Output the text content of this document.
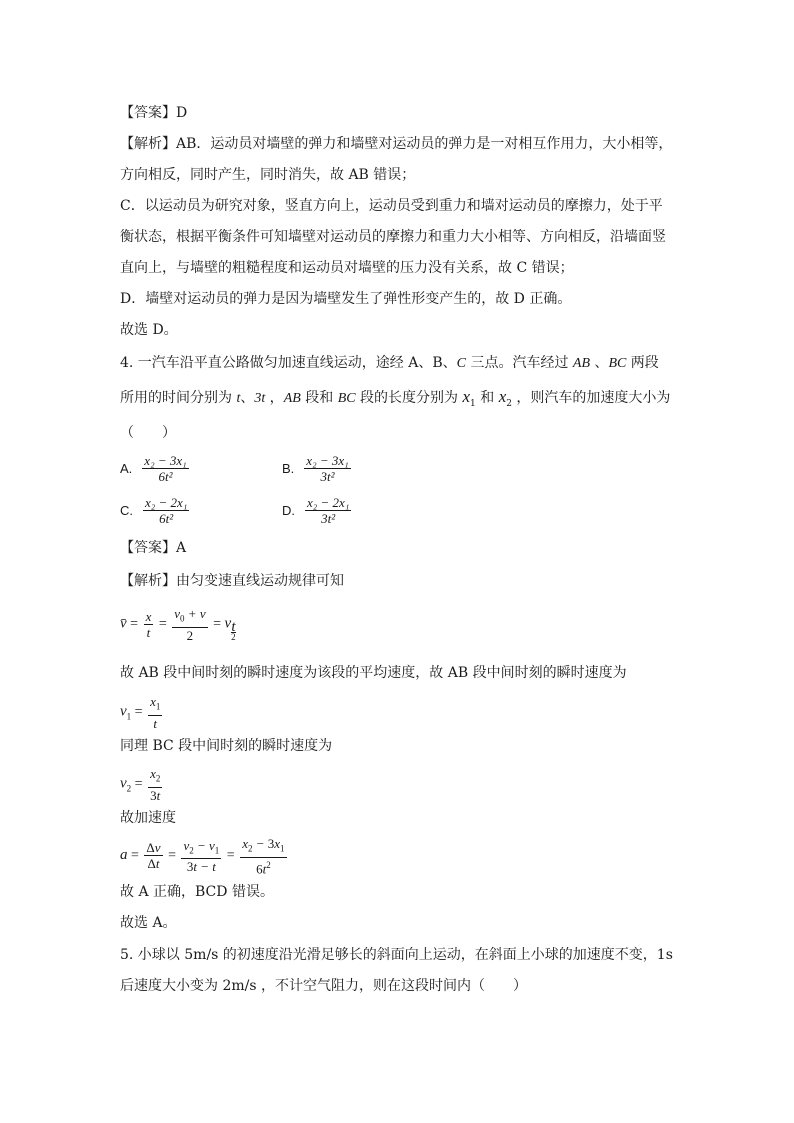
【答案】D
【解析】AB．运动员对墙壁的弹力和墙壁对运动员的弹力是一对相互作用力，大小相等，
方向相反，同时产生，同时消失，故 AB 错误；
C．以运动员为研究对象，竖直方向上，运动员受到重力和墙对运动员的摩擦力，处于平
衡状态，根据平衡条件可知墙壁对运动员的摩擦力和重力大小相等、方向相反，沿墙面竖
直向上，与墙壁的粗糙程度和运动员对墙壁的压力没有关系，故 C 错误；
D．墙壁对运动员的弹力是因为墙壁发生了弹性形变产生的，故 D 正确。
故选 D。
4. 一汽车沿平直公路做匀加速直线运动，途经 A、B、C 三点。汽车经过 AB 、BC 两段
所用的时间分别为 t、3t ，AB 段和 BC 段的长度分别为 $x_1$ 和 $x_2$ ，则汽车的加速度大小为
（　　）
A. $\frac{\text{x₂ − 3x₁}}{\text{6t²}}$	B. $\frac{\text{x₂ − 3x₁}}{\text{3t²}}$
C. $\frac{\text{x₂ − 2x₁}}{\text{6t²}}$	D. $\frac{\text{x₂ − 2x₁}}{\text{3t²}}$
【答案】A
【解析】由匀变速直线运动规律可知
v̄ = $\frac{x}{t} = \frac{v_0 + v}{2} = v$ t
2
故 AB 段中间时刻的瞬时速度为该段的平均速度，故 AB 段中间时刻的瞬时速度为
$v_1 = \frac{x_1}{t}$
同理 BC 段中间时刻的瞬时速度为
$v_2 = \frac{x_2}{3t}$
故加速度
$a = \frac{\Delta v}{\Delta t} = \frac{v_2 - v_1}{3t - t} = \frac{x_2 - 3x_1}{6t^2}$
故 A 正确，BCD 错误。
故选 A。
5. 小球以 5m/s 的初速度沿光滑足够长的斜面向上运动，在斜面上小球的加速度不变，1s
后速度大小变为 2m/s ，不计空气阻力，则在这段时间内（　　）
